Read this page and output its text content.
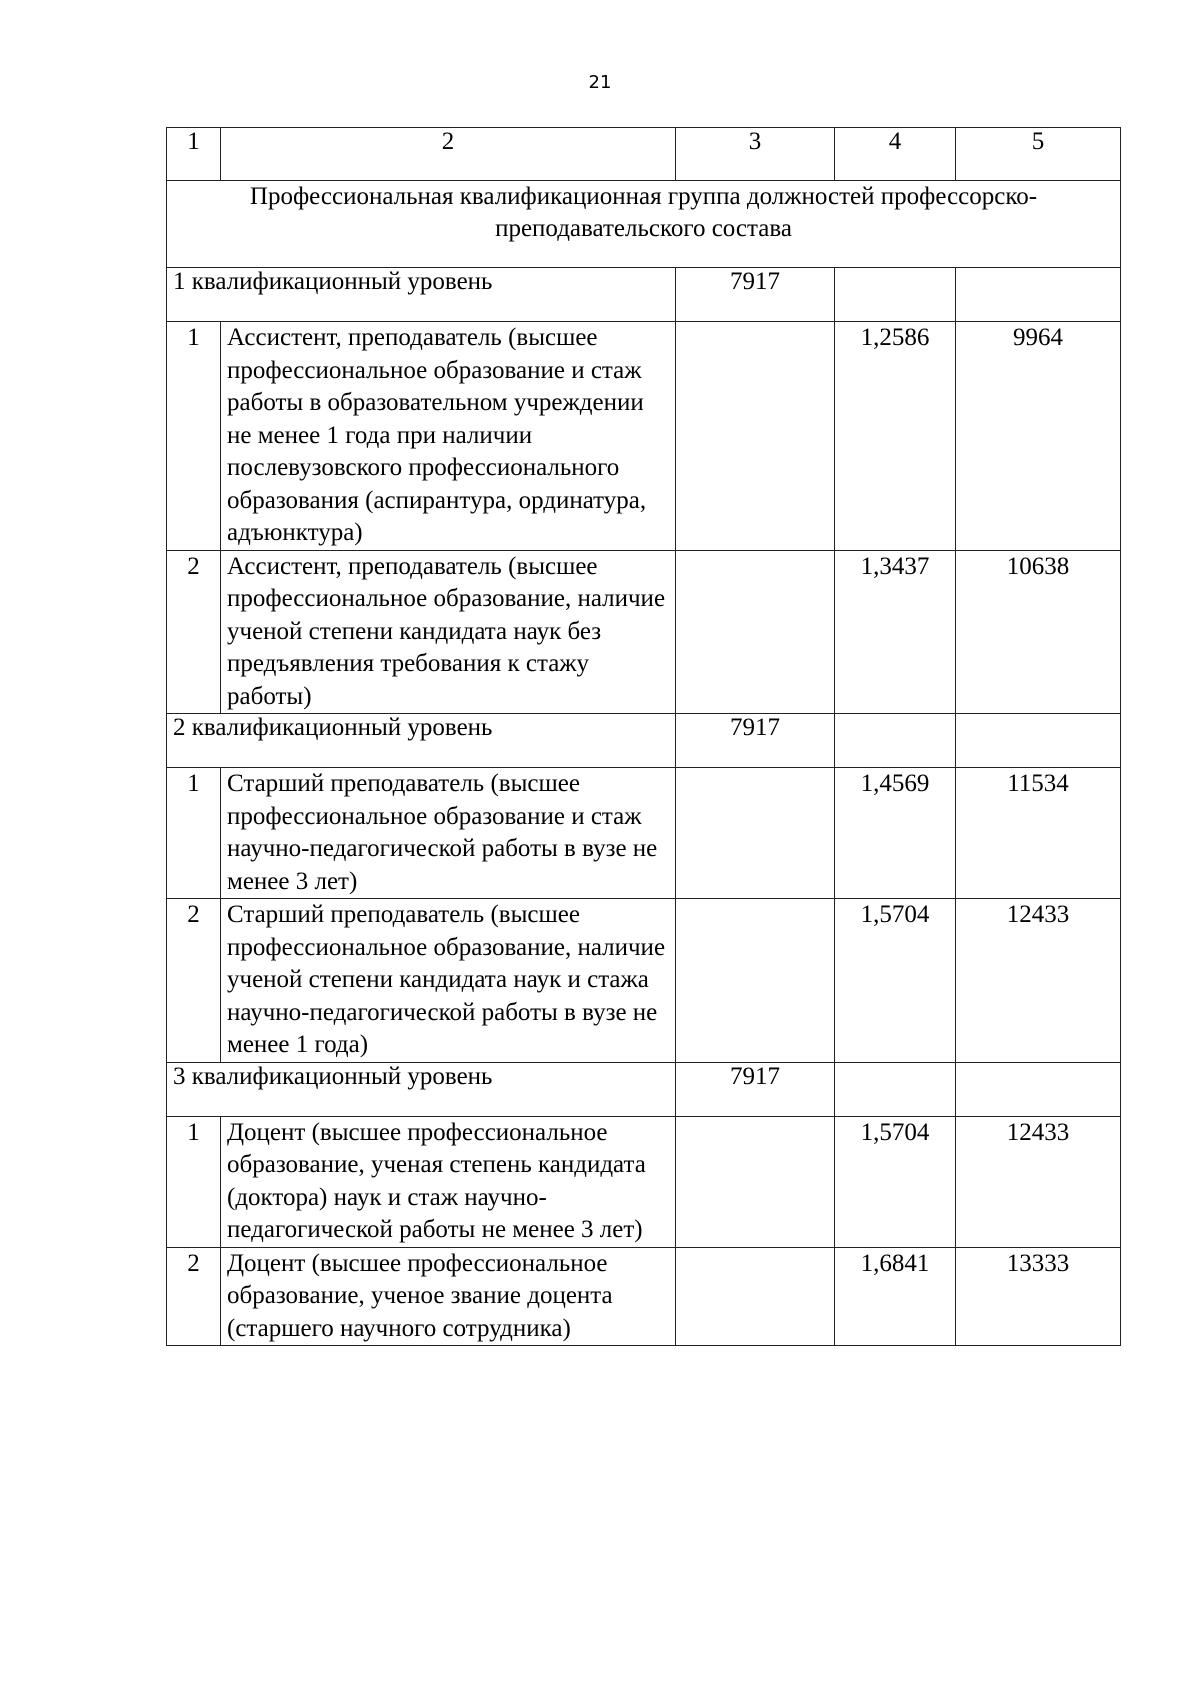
21
1	2	3	4	5
Профессиональная квалификационная группа должностей профессорско-преподавательского состава				
1 квалификационный уровень		7917		
1	Ассистент, преподаватель (высшее профессиональное образование и стаж работы в образовательном учреждении не менее 1 года при наличии послевузовского профессионального образования (аспирантура, ординатура, адъюнктура)		1,2586	9964
2	Ассистент, преподаватель (высшее профессиональное образование, наличие ученой степени кандидата наук без предъявления требования к стажу работы)		1,3437	10638
2 квалификационный уровень		7917		
1	Старший преподаватель (высшее профессиональное образование и стаж научно-педагогической работы в вузе не менее 3 лет)		1,4569	11534
2	Старший преподаватель (высшее профессиональное образование, наличие ученой степени кандидата наук и стажа научно-педагогической работы в вузе не менее 1 года)		1,5704	12433
3 квалификационный уровень		7917		
1	Доцент (высшее профессиональное образование, ученая степень кандидата (доктора) наук и стаж научно-педагогической работы не менее 3 лет)		1,5704	12433
2	Доцент (высшее профессиональное образование, ученое звание доцента (старшего научного сотрудника)		1,6841	13333
